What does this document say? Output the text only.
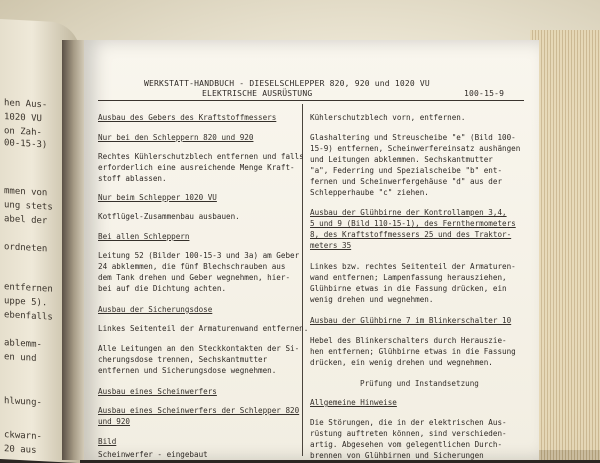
hen Aus-
1020 VU
on Zah-
00-15-3)
mmen von
ung stets
abel der
ordneten
entfernen
uppe 5).
ebenfalls
ablemm-
en und
hlwung-
ckwarn-
20 aus
WERKSTATT-HANDBUCH - DIESELSCHLEPPER 820, 920 und 1020 VU
ELEKTRISCHE AUSRÜSTUNG	100-15-9
Ausbau des Gebers des Kraftstoffmessers
Nur bei den Schleppern 820 und 920
Rechtes Kühlerschutzblech entfernen und falls
erforderlich eine ausreichende Menge Kraft-
stoff ablassen.
Nur beim Schlepper 1020 VU
Kotflügel-Zusammenbau ausbauen.
Bei allen Schleppern
Leitung 52 (Bilder 100-15-3 und 3a) am Geber
24 abklemmen, die fünf Blechschrauben aus
dem Tank drehen und Geber wegnehmen, hier-
bei auf die Dichtung achten.
Ausbau der Sicherungsdose
Linkes Seitenteil der Armaturenwand entfernen.
Alle Leitungen an den Steckkontakten der Si-
cherungsdose trennen, Sechskantmutter
entfernen und Sicherungsdose wegnehmen.
Ausbau eines Scheinwerfers
Ausbau eines Scheinwerfers der Schlepper 820
und 920
Bild
Scheinwerfer - eingebaut
Kühlerschutzblech vorn, entfernen.
Glashaltering und Streuscheibe "e" (Bild 100-
15-9) entfernen, Scheinwerfereinsatz aushängen
und Leitungen abklemmen. Sechskantmutter
"a", Federring und Spezialscheibe "b" ent-
fernen und Scheinwerfergehäuse "d" aus der
Schlepperhaube "c" ziehen.
Ausbau der Glühbirne der Kontrollampen 3,4,
5 und 9 (Bild 110-15-1), des Fernthermometers
8, des Kraftstoffmessers 25 und des Traktor-
meters 35
Linkes bzw. rechtes Seitenteil der Armaturen-
wand entfernen; Lampenfassung herausziehen,
Glühbirne etwas in die Fassung drücken, ein
wenig drehen und wegnehmen.
Ausbau der Glühbirne 7 im Blinkerschalter 10
Hebel des Blinkerschalters durch Herauszie-
hen entfernen; Glühbirne etwas in die Fassung
drücken, ein wenig drehen und wegnehmen.
Prüfung und Instandsetzung
Allgemeine Hinweise
Die Störungen, die in der elektrischen Aus-
rüstung auftreten können, sind verschieden-
artig. Abgesehen vom gelegentlichen Durch-
brennen von Glühbirnen und Sicherungen
